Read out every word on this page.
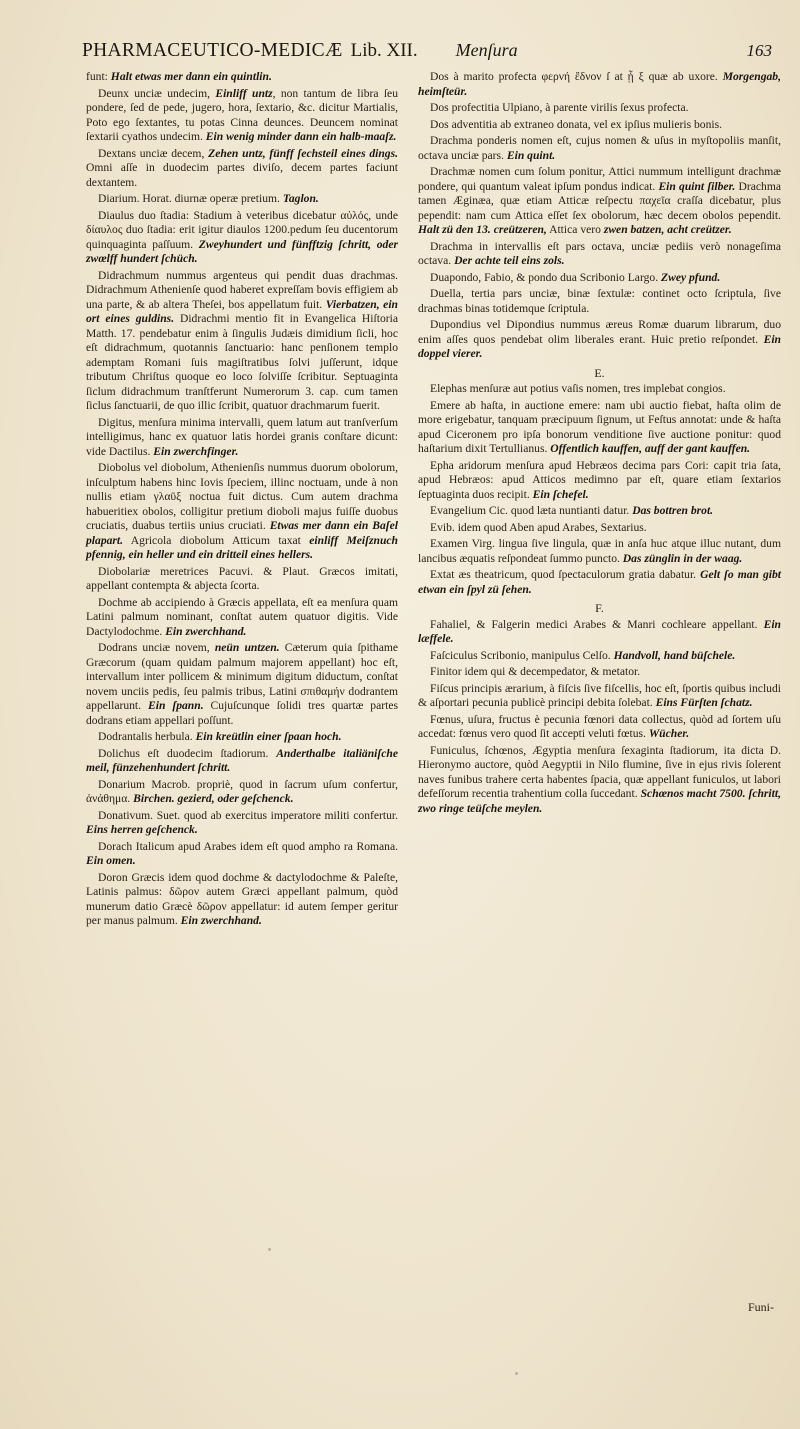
PHARMACEUTICO-MEDICÆ Lib. XII. Menſura	163

funt: Halt etwas mer dann ein quintlin.

Deunx unciæ undecim, Einliff untz, non tantum de libra ſeu pondere, ſed de pede, jugero, hora, ſextario, &c. dicitur Martialis, Poto ego ſextantes, tu potas Cinna deunces. Deuncem nominat ſextarii cyathos undecim. Ein wenig minder dann ein halb-maaſz.

Dextans unciæ decem, Zehen untz, fünff ſechsteil eines dings. Omni aſſe in duodecim partes diviſo, decem partes faciunt dextantem.

Diarium. Horat. diurnæ operæ pretium. Taglon.

Diaulus duo ſtadia: Stadium à veteribus dicebatur αὐλός, unde δίαυλος duo ſtadia: erit igitur diaulos 1200.pedum ſeu ducentorum quinquaginta paſſuum. Zweyhundert und fünfftzig ſchritt, oder zwœlff hundert ſchüch.

Didrachmum nummus argenteus qui pendit duas drachmas. Didrachmum Athenienſe quod haberet expreſſam bovis effigiem ab una parte, & ab altera Theſei, bos appellatum fuit. Vierbatzen, ein ort eines guldins. Didrachmi mentio fit in Evangelica Hiſtoria Matth. 17. pendebatur enim à ſingulis Judæis dimidium ſicli, hoc eſt didrachmum, quotannis ſanctuario: hanc penſionem templo ademptam Romani ſuis magiſtratibus ſolvi juſſerunt, idque tributum Chriſtus quoque eo loco ſolviſſe ſcribitur. Septuaginta ſiclum didrachmum tranſtferunt Numerorum 3. cap. cum tamen ſiclus ſanctuarii, de quo illic ſcribit, quatuor drachmarum fuerit.

Digitus, menſura minima intervalli, quem latum aut tranſverſum intelligimus, hanc ex quatuor latis hordei granis conſtare dicunt: vide Dactilus. Ein zwerchfinger.

Diobolus vel diobolum, Athenienſis nummus duorum obolorum, inſculptum habens hinc Iovis ſpeciem, illinc noctuam, unde à non nullis etiam γλαῦξ noctua fuit dictus. Cum autem drachma habueritiex obolos, colligitur pretium dioboli majus fuiſſe duobus cruciatis, duabus tertiis unius cruciati. Etwas mer dann ein Baſel plapart. Agricola diobolum Atticum taxat einliff Meiſznuch pfennig, ein heller und ein dritteil eines hellers.

Diobolariæ meretrices Pacuvi. & Plaut. Græcos imitati, appellant contempta & abjecta ſcorta.

Dochme ab accipiendo à Græcis appellata, eſt ea menſura quam Latini palmum nominant, conſtat autem quatuor digitis. Vide Dactylodochme. Ein zwerchhand.

Dodrans unciæ novem, neün untzen. Cæterum quia ſpithame Græcorum (quam quidam palmum majorem appellant) hoc eſt, intervallum inter pollicem & minimum digitum diductum, conſtat novem unciis pedis, ſeu palmis tribus, Latini σπιθαμήν dodrantem appellarunt. Ein ſpann. Cujuſcunque ſolidi tres quartæ partes dodrans etiam appellari poſſunt.

Dodrantalis herbula. Ein kreütlin einer ſpaan hoch.

Dolichus eſt duodecim ſtadiorum. Anderthalbe italiäniſche meil, fünzehenhundert ſchritt.

Donarium Macrob. propriè, quod in ſacrum uſum confertur, ἀνάθημα. Birchen. gezierd, oder geſchenck.

Donativum. Suet. quod ab exercitus imperatore militi confertur. Eins herren geſchenck.

Dorach Italicum apud Arabes idem eſt quod ampho ra Romana. Ein omen.

Doron Græcis idem quod dochme & dactylodochme & Paleſte, Latinis palmus: δῶρον autem Græci appellant palmum, quòd munerum datio Græcè δῶρον appellatur: id autem ſemper geritur per manus palmum. Ein zwerchhand.

Dos à marito profecta φερνή ἔδνον ſ at ᾗ ξ quæ ab uxore. Morgengab, heimſteür.

Dos profectitia Ulpiano, à parente virilis ſexus profecta.

Dos adventitia ab extraneo donata, vel ex ipſius mulieris bonis.

Drachma ponderis nomen eſt, cujus nomen & uſus in myſtopoliis manſit, octava unciæ pars. Ein quint.

Drachmæ nomen cum ſolum ponitur, Attici nummum intelligunt drachmæ pondere, qui quantum valeat ipſum pondus indicat. Ein quint ſilber. Drachma tamen Æginæa, quæ etiam Atticæ reſpectu παχεῖα craſſa dicebatur, plus pependit: nam cum Attica eſſet ſex obolorum, hæc decem obolos pependit. Halt zü den 13. creützeren, Attica vero zwen batzen, acht creützer.

Drachma in intervallis eſt pars octava, unciæ pediis verò nonageſima octava. Der achte teil eins zols.

Duapondo, Fabio, & pondo dua Scribonio Largo. Zwey pfund.

Duella, tertia pars unciæ, binæ ſextulæ: continet octo ſcriptula, ſive drachmas binas totidemque ſcriptula.

Dupondius vel Dipondius nummus æreus Romæ duarum librarum, duo enim aſſes quos pendebat olim liberales erant. Huic pretio reſpondet. Ein doppel vierer.

E.

Elephas menſuræ aut potius vaſis nomen, tres implebat congios.

Emere ab haſta, in auctione emere: nam ubi auctio fiebat, haſta olim de more erigebatur, tanquam præcipuum ſignum, ut Feſtus annotat: unde & haſta apud Ciceronem pro ipſa bonorum venditione ſive auctione ponitur: quod haſtarium dixit Tertullianus. Offentlich kauffen, auff der gant kauffen.

Epha aridorum menſura apud Hebræos decima pars Cori: capit tria ſata, apud Hebræos: apud Atticos medimno par eſt, quare etiam ſextarios ſeptuaginta duos recipit. Ein ſchefel.

Evangelium Cic. quod læta nuntianti datur. Das bottren brot.

Evib. idem quod Aben apud Arabes, Sextarius.

Examen Virg. lingua ſive lingula, quæ in anſa huc atque illuc nutant, dum lancibus æquatis reſpondeat ſummo puncto. Das zünglin in der waag.

Extat æs theatricum, quod ſpectaculorum gratia dabatur. Gelt ſo man gibt etwan ein ſpyl zü ſehen.

F.

Fahaliel, & Falgerin medici Arabes & Manri cochleare appellant. Ein læffele.

Faſciculus Scribonio, manipulus Celſo. Handvoll, hand büſchele.

Finitor idem qui & decempedator, & metator.

Fiſcus principis ærarium, à fiſcis ſive fiſcellis, hoc eſt, ſportis quibus includi & aſportari pecunia publicè principi debita ſolebat. Eins Fürſten ſchatz.

Fœnus, uſura, fructus è pecunia fœnori data collectus, quòd ad ſortem uſu accedat: fœnus vero quod ſit accepti veluti fœtus. Wücher.

Funiculus, ſchœnos, Ægyptia menſura ſexaginta ſtadiorum, ita dicta D. Hieronymo auctore, quòd Aegyptii in Nilo flumine, ſive in ejus rivis ſolerent naves funibus trahere certa habentes ſpacia, quæ appellant funiculos, ut labori defeſſorum recentia trahentium colla ſuccedant. Schœnos macht 7500. ſchritt, zwo ringe teüſche meylen.

Funi-
